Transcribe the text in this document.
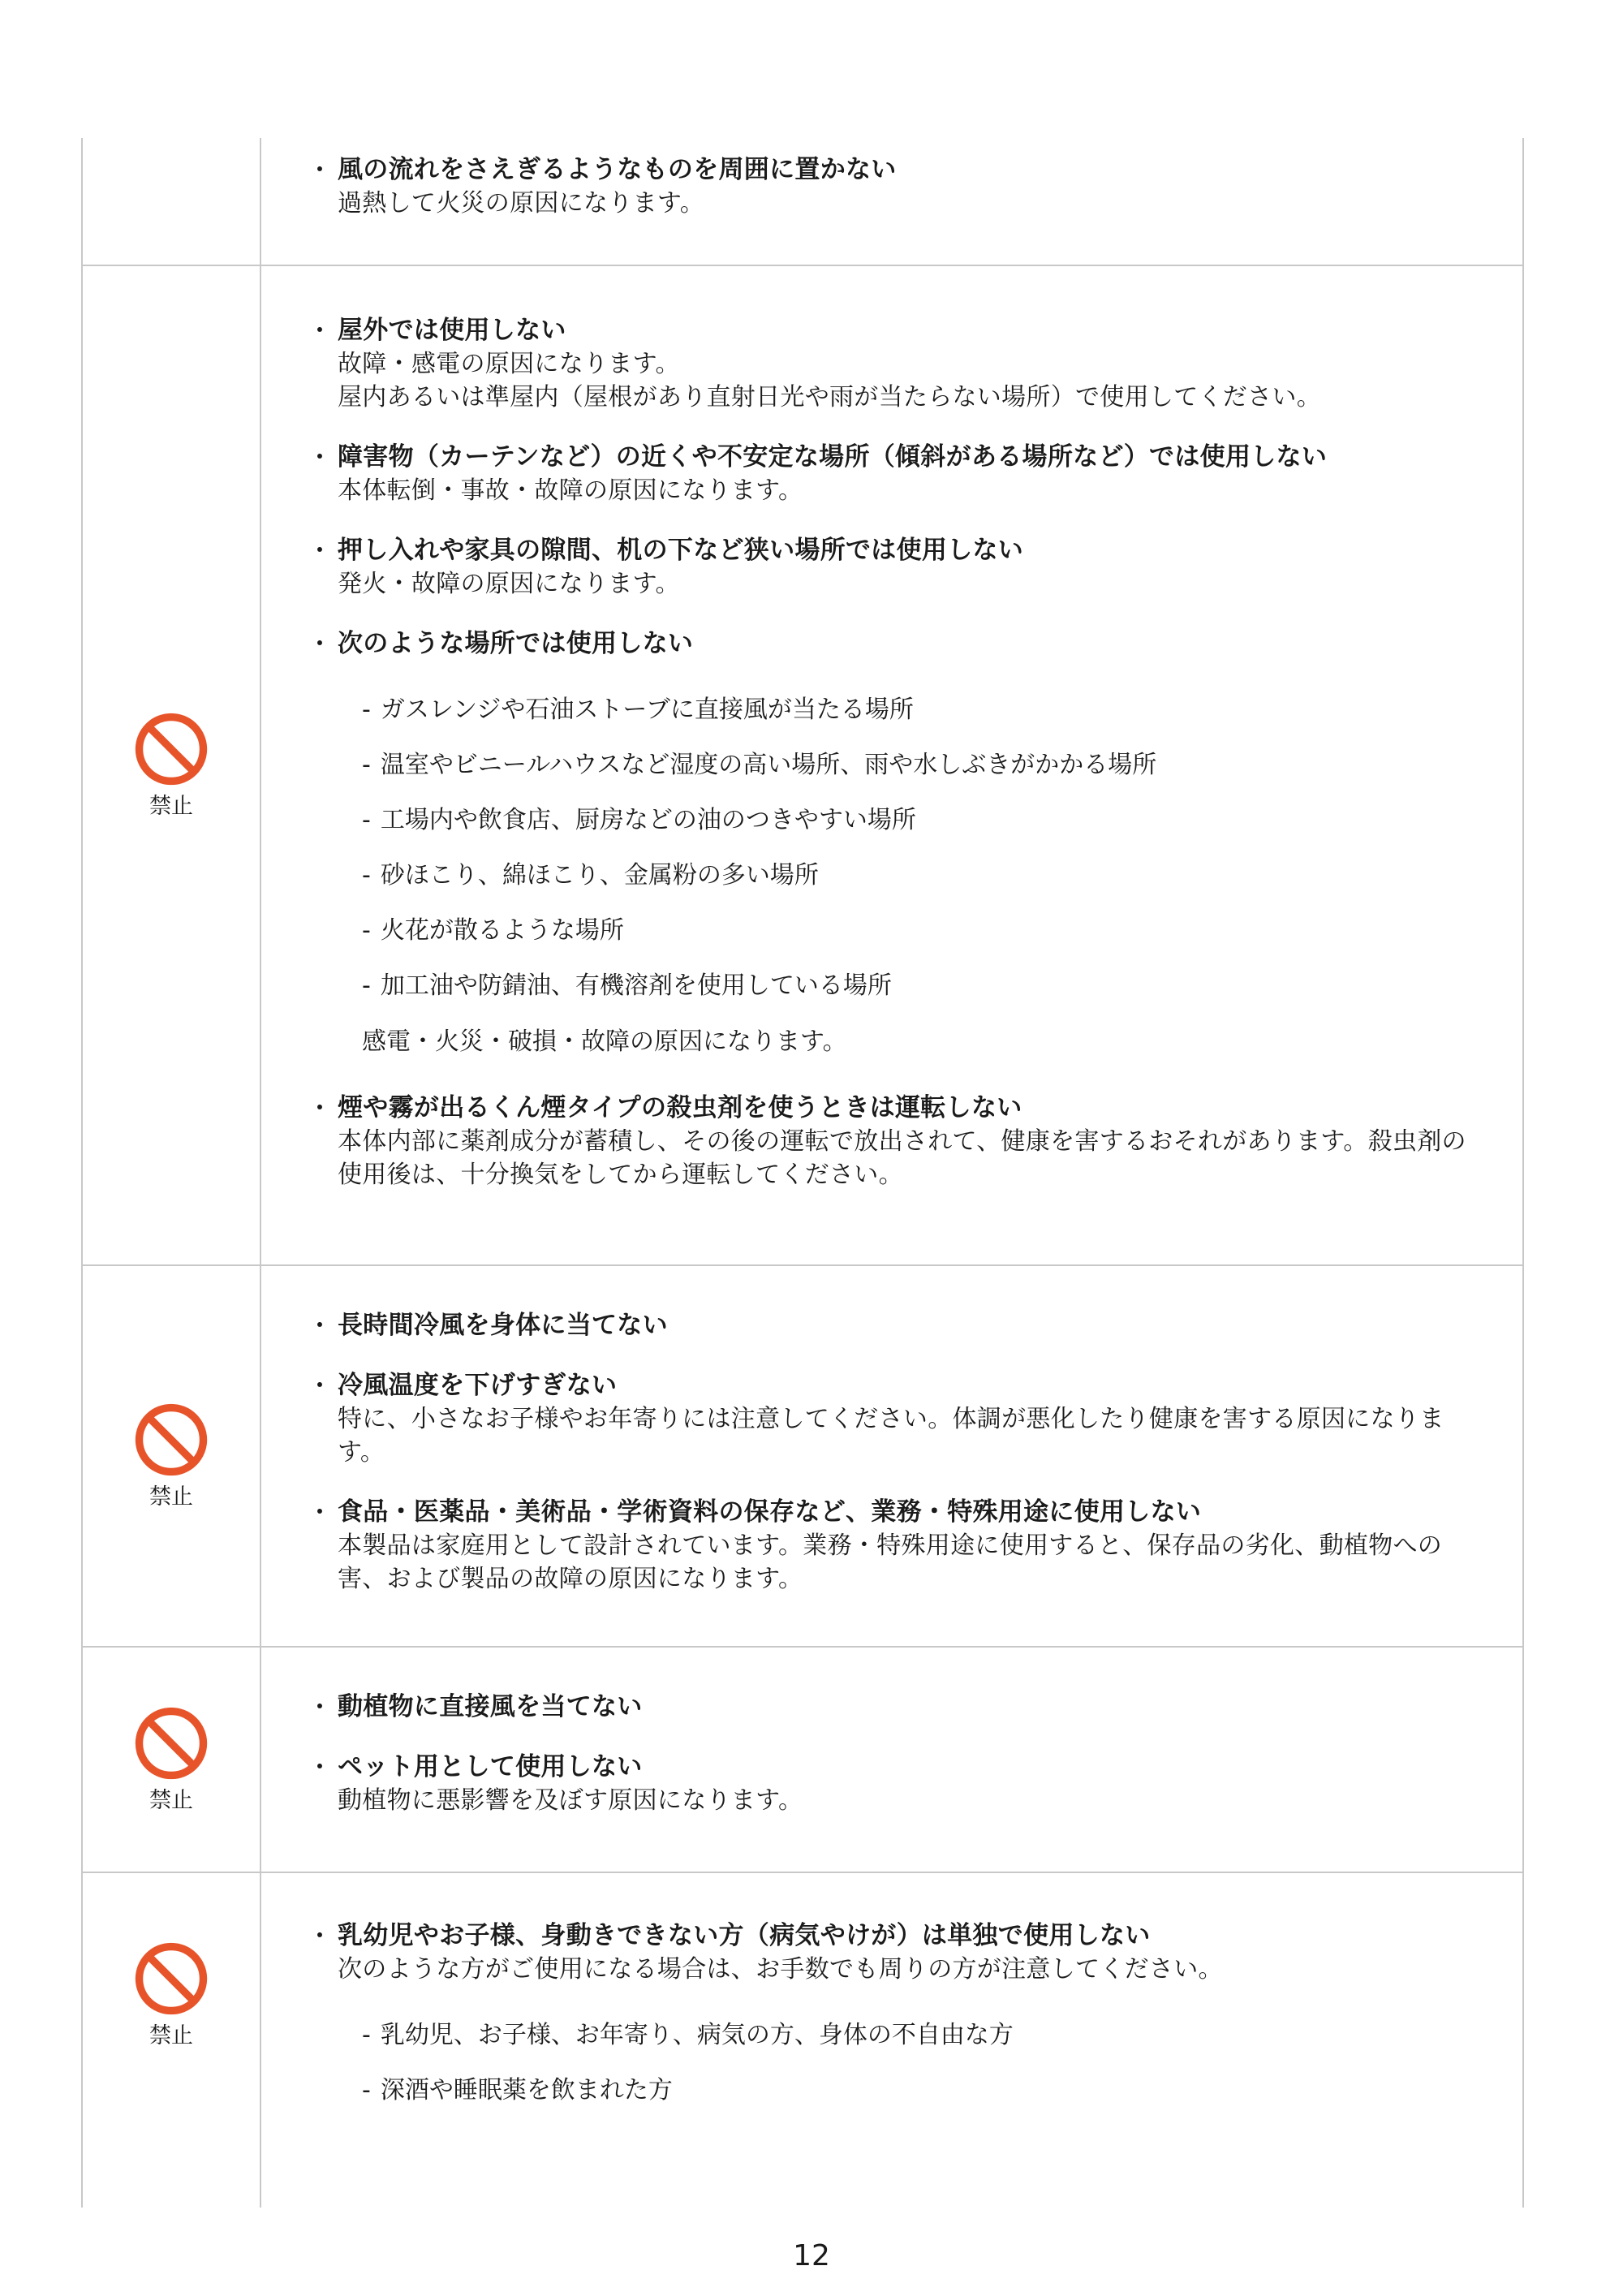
・ 風の流れをさえぎるようなものを周囲に置かない
過熱して火災の原因になります。
禁止
・ 屋外では使用しない
故障・感電の原因になります。
屋内あるいは準屋内（屋根があり直射日光や雨が当たらない場所）で使用してください。
・ 障害物（カーテンなど）の近くや不安定な場所（傾斜がある場所など）では使用しない
本体転倒・事故・故障の原因になります。
・ 押し入れや家具の隙間、机の下など狭い場所では使用しない
発火・故障の原因になります。
・ 次のような場所では使用しない
- ガスレンジや石油ストーブに直接風が当たる場所
- 温室やビニールハウスなど湿度の高い場所、雨や水しぶきがかかる場所
- 工場内や飲食店、厨房などの油のつきやすい場所
- 砂ほこり、綿ほこり、金属粉の多い場所
- 火花が散るような場所
- 加工油や防錆油、有機溶剤を使用している場所
感電・火災・破損・故障の原因になります。
・ 煙や霧が出るくん煙タイプの殺虫剤を使うときは運転しない
本体内部に薬剤成分が蓄積し、その後の運転で放出されて、健康を害するおそれがあります。殺虫剤の使用後は、十分換気をしてから運転してください。
禁止
・ 長時間冷風を身体に当てない
・ 冷風温度を下げすぎない
特に、小さなお子様やお年寄りには注意してください。体調が悪化したり健康を害する原因になります。
・ 食品・医薬品・美術品・学術資料の保存など、業務・特殊用途に使用しない
本製品は家庭用として設計されています。業務・特殊用途に使用すると、保存品の劣化、動植物への害、および製品の故障の原因になります。
禁止
・ 動植物に直接風を当てない
・ ペット用として使用しない
動植物に悪影響を及ぼす原因になります。
禁止
・ 乳幼児やお子様、身動きできない方（病気やけが）は単独で使用しない
次のような方がご使用になる場合は、お手数でも周りの方が注意してください。
- 乳幼児、お子様、お年寄り、病気の方、身体の不自由な方
- 深酒や睡眠薬を飲まれた方
12
